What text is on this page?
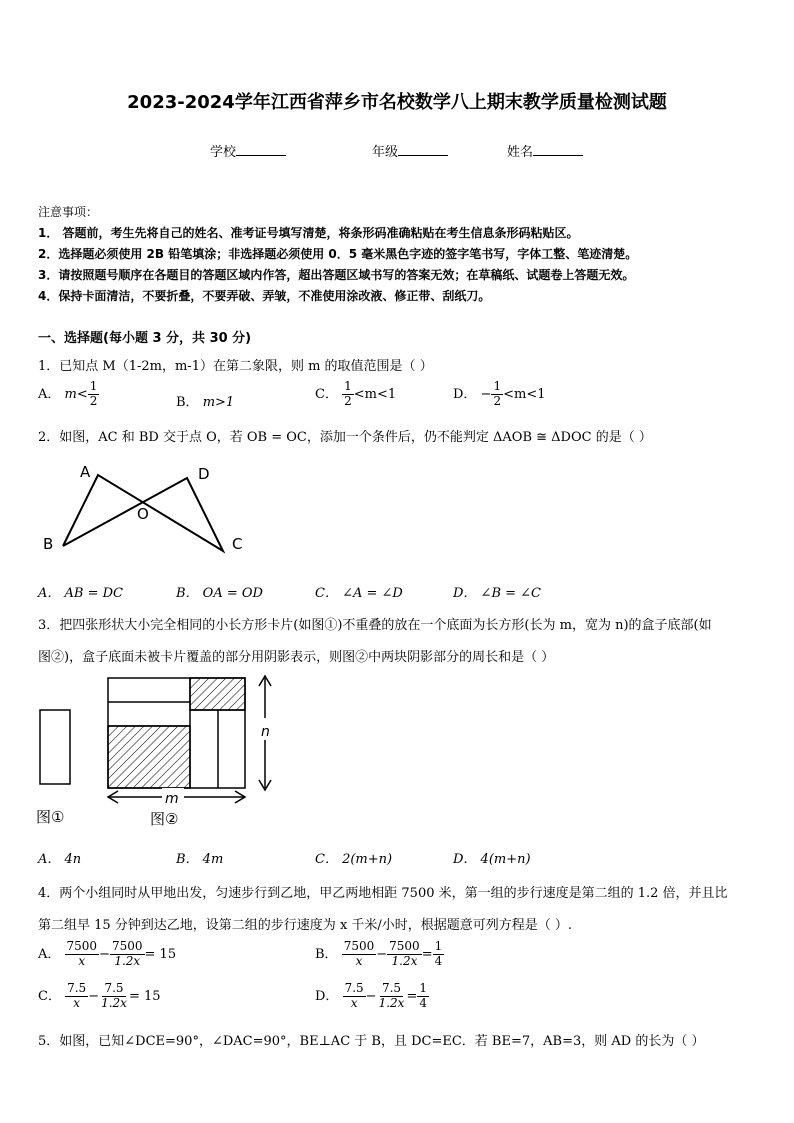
2023-2024学年江西省萍乡市名校数学八上期末教学质量检测试题
学校	年级	姓名
注意事项：
1． 答题前，考生先将自己的姓名、准考证号填写清楚，将条形码准确粘贴在考生信息条形码粘贴区。
2．选择题必须使用 2B 铅笔填涂；非选择题必须使用 0．5 毫米黑色字迹的签字笔书写，字体工整、笔迹清楚。
3．请按照题号顺序在各题目的答题区域内作答，超出答题区域书写的答案无效；在草稿纸、试题卷上答题无效。
4．保持卡面清洁，不要折叠，不要弄破、弄皱，不准使用涂改液、修正带、刮纸刀。
一、选择题(每小题 3 分，共 30 分)
1．已知点 M（1-2m，m-1）在第二象限，则 m 的取值范围是（ ）
A． $m< \frac{1}{2}$	B． m>1
C． $\frac{1}{2} <m<1$	D． − $\frac{1}{2} <m<1$
2．如图，AC 和 BD 交于点 O，若 OB = OC，添加一个条件后，仍不能判定 ΔAOB ≅ ΔDOC 的是（ ）
A
B	C
D
O
A． AB = DC	B． OA = OD	C． ∠A = ∠D	D． ∠B = ∠C
3．把四张形状大小完全相同的小长方形卡片(如图①)不重叠的放在一个底面为长方形(长为 m，宽为 n)的盒子底部(如
图②)，盒子底面未被卡片覆盖的部分用阴影表示，则图②中两块阴影部分的周长和是（ ）
n
m
图①	图②
A． 4n	B． 4m	C． 2(m+n)	D． 4(m+n)
4．两个小组同时从甲地出发，匀速步行到乙地，甲乙两地相距 7500 米，第一组的步行速度是第二组的 1.2 倍，并且比
第二组早 15 分钟到达乙地，设第二组的步行速度为 x 千米/小时，根据题意可列方程是（ ）.
A． $\frac{7500}{x} - \frac{7500}{1.2x} = 15$	B． $\frac{7500}{x} - \frac{7500}{1.2x} = \frac{1}{4}$
C． $\frac{7.5}{x} - \frac{7.5}{1.2x} = 15$	D． $\frac{7.5}{x} - \frac{7.5}{1.2x} = \frac{1}{4}$
5．如图，已知∠DCE=90°，∠DAC=90°，BE⊥AC 于 B，且 DC=EC．若 BE=7，AB=3，则 AD 的长为（ ）
